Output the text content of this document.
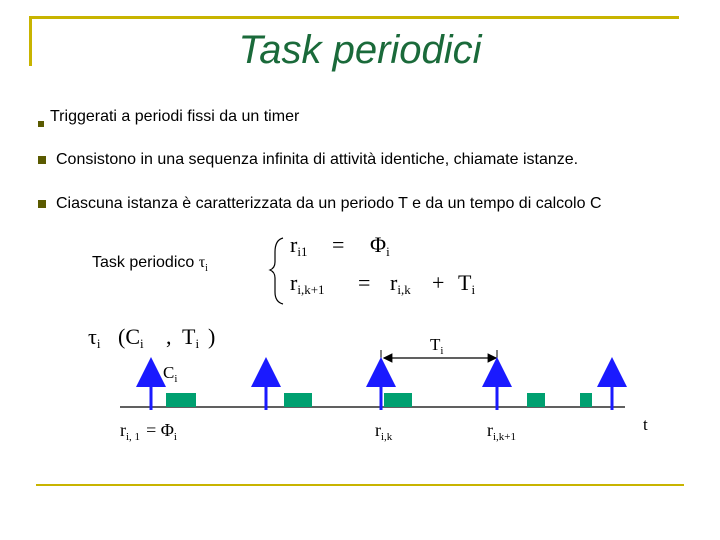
Task periodici
Triggerati a periodi fissi da un timer
Consistono in una sequenza infinita di attività identiche, chiamate istanze.
Ciascuna istanza è caratterizzata da un periodo T e da un tempo di calcolo C
Task periodico $\tau_i$
ri1 = Φi
ri,k+1 = ri,k + Ti
τi (Ci , Ti )
$C_i$
$T_i$
t
$r_{i, 1} = \Phi_i$	$r_{i,k}$	$r_{i,k+1}$
